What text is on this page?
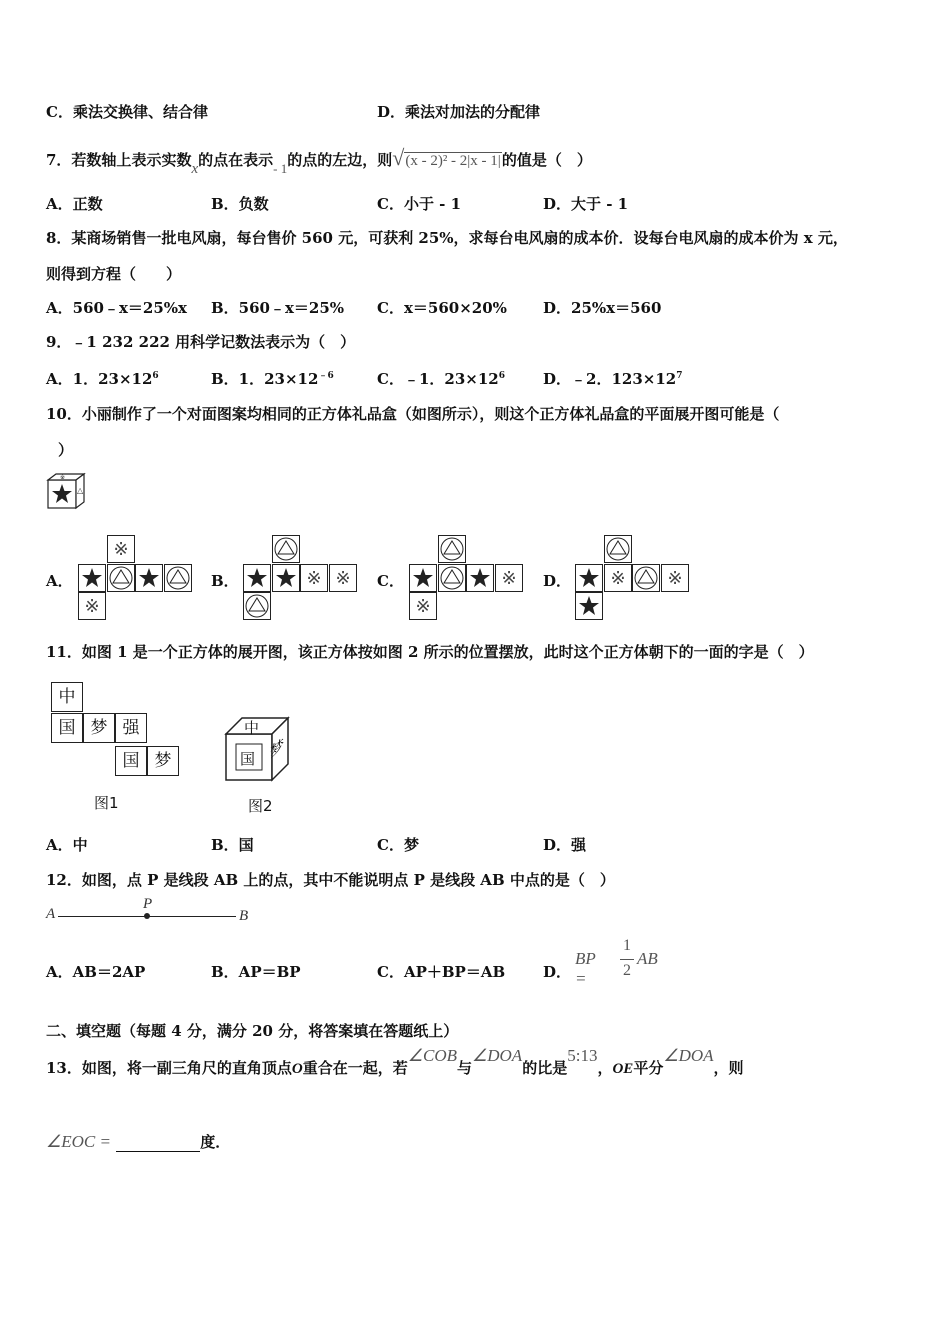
C．乘法交换律、结合律	D．乘法对加法的分配律
7．若数轴上表示实数x的点在表示- 1的点的左边，则√(x - 2)² - 2|x - 1|的值是（　）
A．正数	B．负数	C．小于 - 1	D．大于 - 1
8．某商场销售一批电风扇，每台售价 560 元，可获利 25%，求每台电风扇的成本价．设每台电风扇的成本价为 x 元，
则得到方程（　　）
A．560﹣x＝25%x B．560﹣x＝25% C．x＝560×20% D．25%x＝560
9．﹣1 232 222 用科学记数法表示为（　）
A．1．$23\times 12^6$	B．1．$23\times 12^{﹣6}$	C．﹣1．$23\times 12^6$	D．﹣2．$123\times 12^7$
10．小丽制作了一个对面图案均相同的正方体礼品盒（如图所示），则这个正方体礼品盒的平面展开图可能是（
）
※
△
A．	B．	C．	D．
※
※
※ ※	※
※
※ ※
11．如图 1 是一个正方体的展开图，该正方体按如图 2 所示的位置摆放，此时这个正方体朝下的一面的字是（　）
中
国 梦 强
国 梦
图1
中
国 梦
图2
A．中	B．国	C．梦	D．强
12．如图，点 P 是线段 AB 上的点，其中不能说明点 P 是线段 AB 中点的是（　）
A
P
B
A．AB＝2AP	B．AP＝BP	C．AP＋BP＝AB	D．
BP =
1
2
AB
二、填空题（每题 4 分，满分 20 分，将答案填在答题纸上）
13．如图，将一副三角尺的直角顶点O重合在一起，若∠COB与∠DOA的比是5:13，OE平分∠DOA，则
∠EOC =	度．
